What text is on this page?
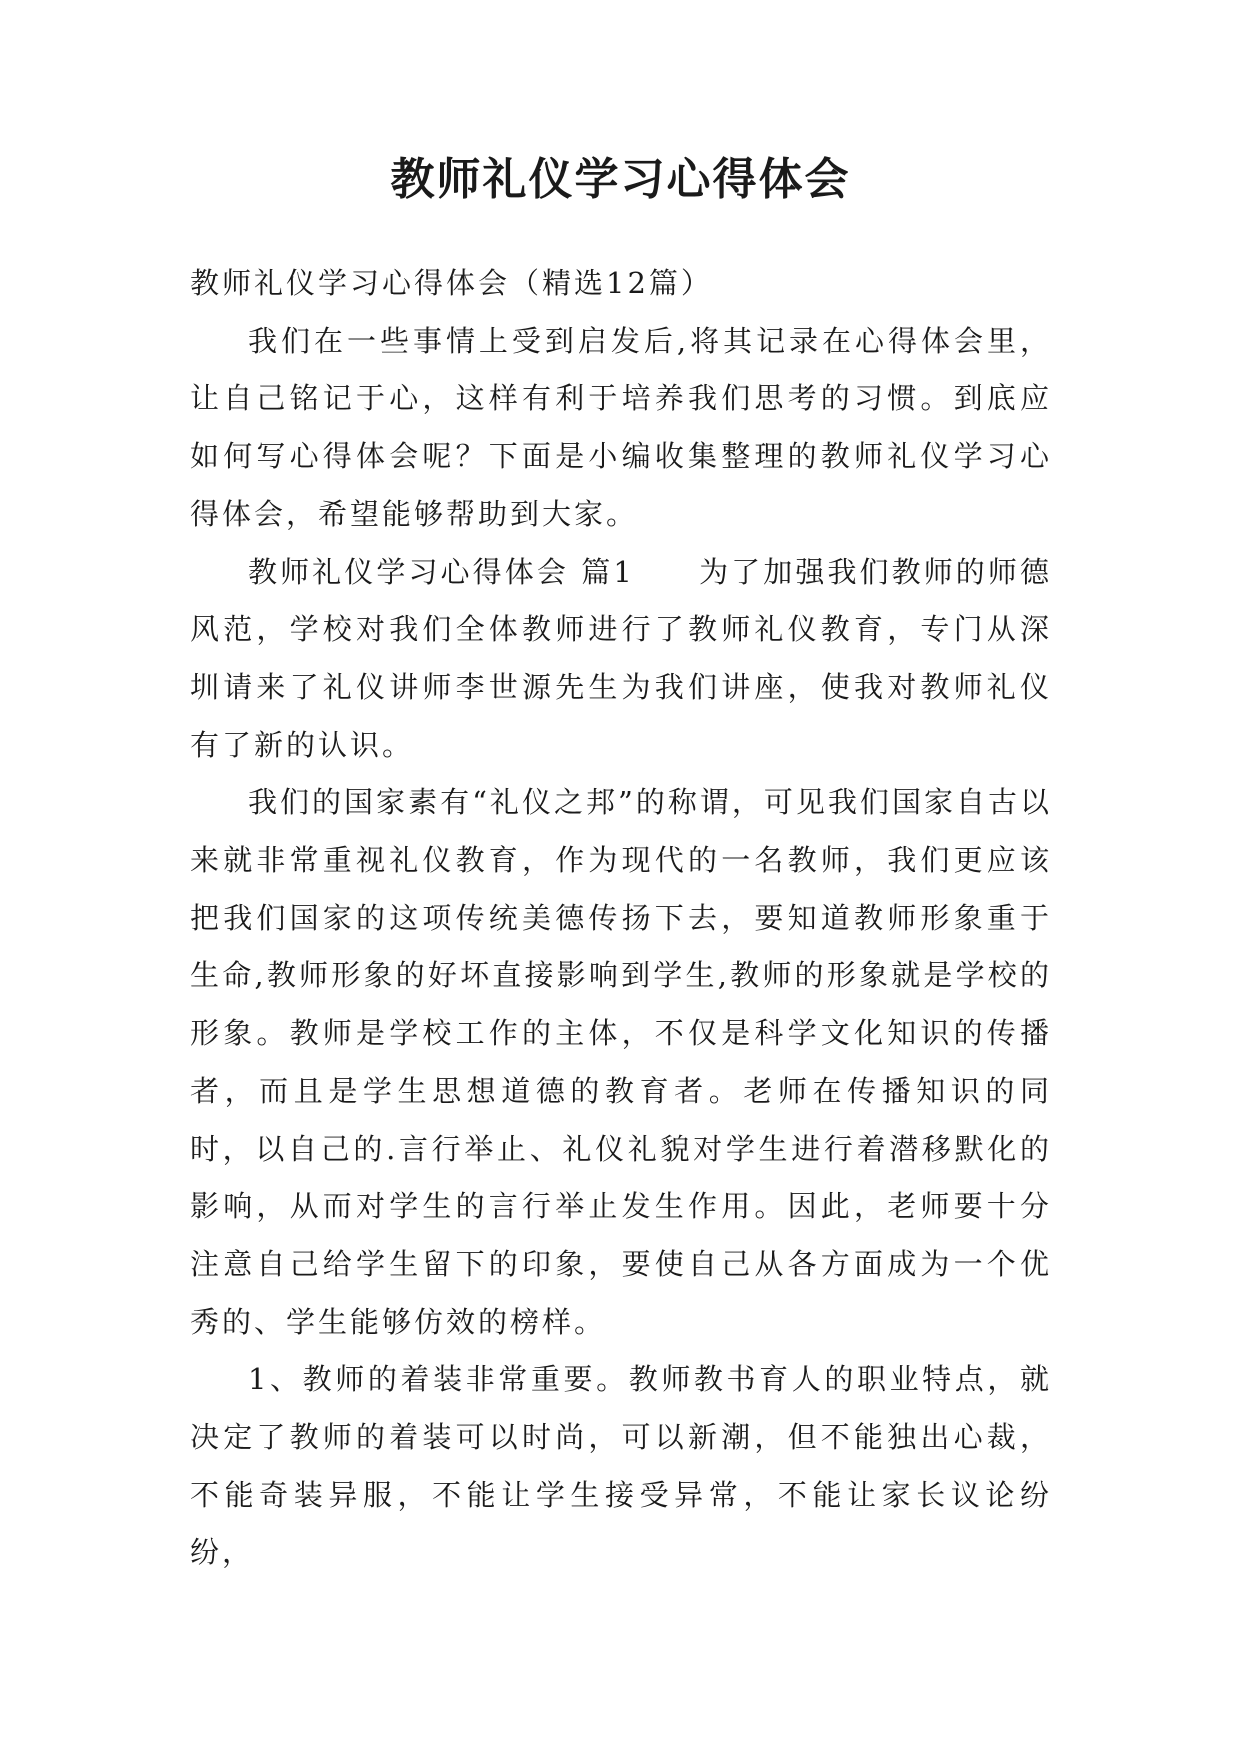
教师礼仪学习心得体会

教师礼仪学习心得体会（精选12篇）

我们在一些事情上受到启发后,将其记录在心得体会里，让自己铭记于心，这样有利于培养我们思考的习惯。到底应如何写心得体会呢？下面是小编收集整理的教师礼仪学习心得体会，希望能够帮助到大家。

教师礼仪学习心得体会 篇1　　为了加强我们教师的师德风范，学校对我们全体教师进行了教师礼仪教育，专门从深圳请来了礼仪讲师李世源先生为我们讲座，使我对教师礼仪有了新的认识。

我们的国家素有“礼仪之邦”的称谓，可见我们国家自古以来就非常重视礼仪教育，作为现代的一名教师，我们更应该把我们国家的这项传统美德传扬下去，要知道教师形象重于生命,教师形象的好坏直接影响到学生,教师的形象就是学校的形象。教师是学校工作的主体，不仅是科学文化知识的传播者，而且是学生思想道德的教育者。老师在传播知识的同时，以自己的.言行举止、礼仪礼貌对学生进行着潜移默化的影响，从而对学生的言行举止发生作用。因此，老师要十分注意自己给学生留下的印象，要使自己从各方面成为一个优秀的、学生能够仿效的榜样。

1、教师的着装非常重要。教师教书育人的职业特点，就决定了教师的着装可以时尚，可以新潮，但不能独出心裁，不能奇装异服，不能让学生接受异常，不能让家长议论纷纷，
